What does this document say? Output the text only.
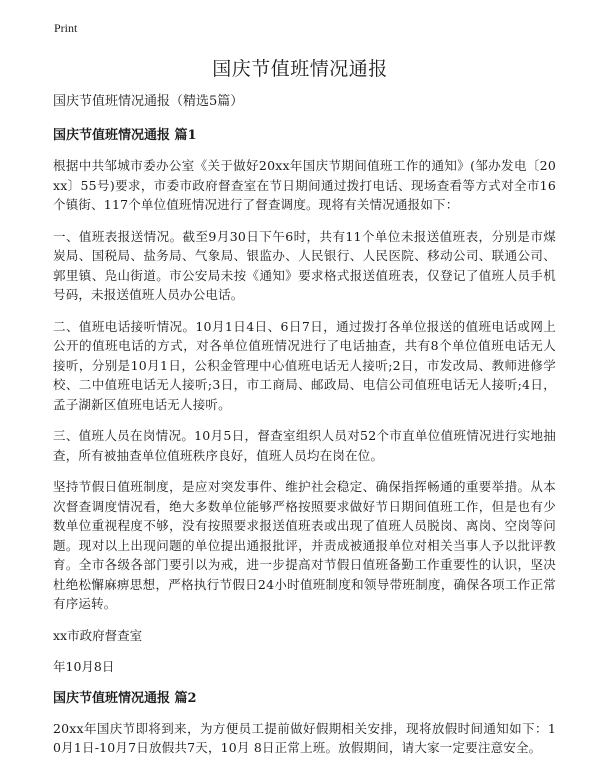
Print
国庆节值班情况通报

国庆节值班情况通报（精选5篇）

国庆节值班情况通报 篇1

根据中共邹城市委办公室《关于做好20xx年国庆节期间值班工作的通知》(邹办发电〔20xx〕55号)要求，市委市政府督查室在节日期间通过拨打电话、现场查看等方式对全市16个镇街、117个单位值班情况进行了督查调度。现将有关情况通报如下：

一、值班表报送情况。截至9月30日下午6时，共有11个单位未报送值班表，分别是市煤炭局、国税局、盐务局、气象局、银监办、人民银行、人民医院、移动公司、联通公司、郭里镇、凫山街道。市公安局未按《通知》要求格式报送值班表，仅登记了值班人员手机号码，未报送值班人员办公电话。

二、值班电话接听情况。10月1日4日、6日7日，通过拨打各单位报送的值班电话或网上公开的值班电话的方式，对各单位值班情况进行了电话抽查，共有8个单位值班电话无人接听，分别是10月1日，公积金管理中心值班电话无人接听;2日，市发改局、教师进修学校、二中值班电话无人接听;3日，市工商局、邮政局、电信公司值班电话无人接听;4日，孟子湖新区值班电话无人接听。

三、值班人员在岗情况。10月5日，督查室组织人员对52个市直单位值班情况进行实地抽查，所有被抽查单位值班秩序良好，值班人员均在岗在位。

坚持节假日值班制度，是应对突发事件、维护社会稳定、确保指挥畅通的重要举措。从本次督查调度情况看，绝大多数单位能够严格按照要求做好节日期间值班工作，但是也有少数单位重视程度不够，没有按照要求报送值班表或出现了值班人员脱岗、离岗、空岗等问题。现对以上出现问题的单位提出通报批评，并责成被通报单位对相关当事人予以批评教育。全市各级各部门要引以为戒，进一步提高对节假日值班备勤工作重要性的认识，坚决杜绝松懈麻痹思想，严格执行节假日24小时值班制度和领导带班制度，确保各项工作正常有序运转。

xx市政府督查室

年10月8日

国庆节值班情况通报 篇2

20xx年国庆节即将到来，为方便员工提前做好假期相关安排，现将放假时间通知如下：10月1日-10月7日放假共7天，10月 8日正常上班。放假期间，请大家一定要注意安全。
